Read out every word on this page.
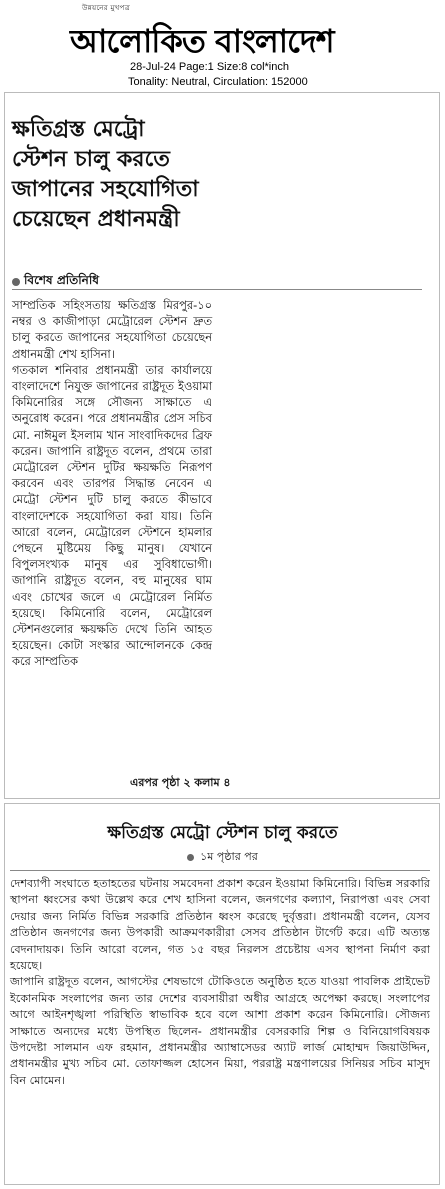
উন্নয়নের মুখপত্র
আলোকিত বাংলাদেশ
28-Jul-24 Page:1 Size:8 col*inch
Tonality: Neutral, Circulation: 152000
ক্ষতিগ্রস্ত মেট্রো
স্টেশন চালু করতে
জাপানের সহযোগিতা
চেয়েছেন প্রধানমন্ত্রী
বিশেষ প্রতিনিধি

সাম্প্রতিক সহিংসতায় ক্ষতিগ্রস্ত মিরপুর-১০ নম্বর ও কাজীপাড়া মেট্রোরেল স্টেশন দ্রুত চালু করতে জাপানের সহযোগিতা চেয়েছেন প্রধানমন্ত্রী শেখ হাসিনা।

গতকাল শনিবার প্রধানমন্ত্রী তার কার্যালয়ে বাংলাদেশে নিযুক্ত জাপানের রাষ্ট্রদূত ইওয়ামা কিমিনোরির সঙ্গে সৌজন্য সাক্ষাতে এ অনুরোধ করেন। পরে প্রধানমন্ত্রীর প্রেস সচিব মো. নাঈমুল ইসলাম খান সাংবাদিকদের ব্রিফ করেন। জাপানি রাষ্ট্রদূত বলেন, প্রথমে তারা মেট্রোরেল স্টেশন দুটির ক্ষয়ক্ষতি নিরূপণ করবেন এবং তারপর সিদ্ধান্ত নেবেন এ মেট্রো স্টেশন দুটি চালু করতে কীভাবে বাংলাদেশকে সহযোগিতা করা যায়। তিনি আরো বলেন, মেট্রোরেল স্টেশনে হামলার পেছনে মুষ্টিমেয় কিছু মানুষ। যেখানে বিপুলসংখ্যক মানুষ এর সুবিধাভোগী। জাপানি রাষ্ট্রদূত বলেন, বহু মানুষের ঘাম এবং চোখের জলে এ মেট্রোরেল নির্মিত হয়েছে। কিমিনোরি বলেন, মেট্রোরেল স্টেশনগুলোর ক্ষয়ক্ষতি দেখে তিনি আহত হয়েছেন। কোটা সংস্কার আন্দোলনকে কেন্দ্র করে সাম্প্রতিক

এরপর পৃষ্ঠা ২ কলাম ৪
ক্ষতিগ্রস্ত মেট্রো স্টেশন চালু করতে
১ম পৃষ্ঠার পর

দেশব্যাপী সংঘাতে হতাহতের ঘটনায় সমবেদনা প্রকাশ করেন ইওয়ামা কিমিনোরি। বিভিন্ন সরকারি স্থাপনা ধ্বংসের কথা উল্লেখ করে শেখ হাসিনা বলেন, জনগণের কল্যাণ, নিরাপত্তা এবং সেবা দেয়ার জন্য নির্মিত বিভিন্ন সরকারি প্রতিষ্ঠান ধ্বংস করেছে দুর্বৃত্তরা। প্রধানমন্ত্রী বলেন, যেসব প্রতিষ্ঠান জনগণের জন্য উপকারী আক্রমণকারীরা সেসব প্রতিষ্ঠান টার্গেট করে। এটি অত্যন্ত বেদনাদায়ক। তিনি আরো বলেন, গত ১৫ বছর নিরলস প্রচেষ্টায় এসব স্থাপনা নির্মাণ করা হয়েছে।

জাপানি রাষ্ট্রদূত বলেন, আগস্টের শেষভাগে টোকিওতে অনুষ্ঠিত হতে যাওয়া পাবলিক প্রাইভেট ইকোনমিক সংলাপের জন্য তার দেশের ব্যবসায়ীরা অধীর আগ্রহে অপেক্ষা করছে। সংলাপের আগে আইনশৃঙ্খলা পরিস্থিতি স্বাভাবিক হবে বলে আশা প্রকাশ করেন কিমিনোরি। সৌজন্য সাক্ষাতে অন্যদের মধ্যে উপস্থিত ছিলেন- প্রধানমন্ত্রীর বেসরকারি শিল্প ও বিনিয়োগবিষয়ক উপদেষ্টা সালমান এফ রহমান, প্রধানমন্ত্রীর অ্যাম্বাসেডর অ্যাট লার্জ মোহাম্মদ জিয়াউদ্দিন, প্রধানমন্ত্রীর মুখ্য সচিব মো. তোফাজ্জল হোসেন মিয়া, পররাষ্ট্র মন্ত্রণালয়ের সিনিয়র সচিব মাসুদ বিন মোমেন।
